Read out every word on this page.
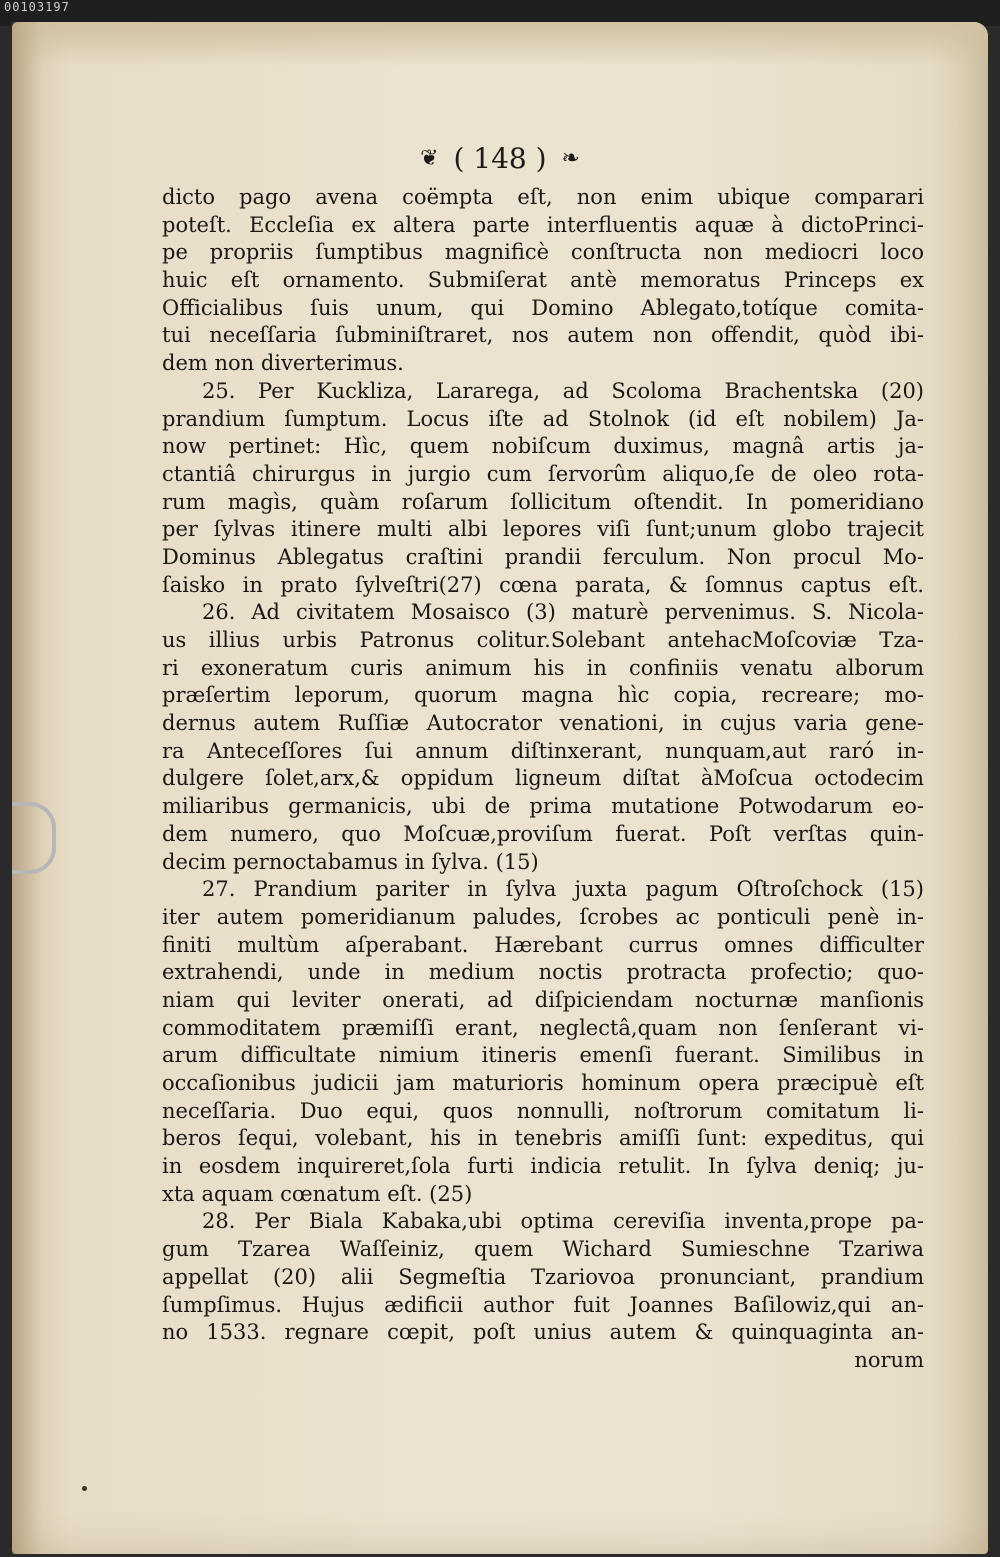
00103197
❦ ( 148 ) ❧
dicto pago avena coëmpta eſt, non enim ubique comparari
poteſt. Eccleſia ex altera parte interfluentis aquæ à dictoPrinci-
pe propriis ſumptibus magnificè conſtructa non mediocri loco
huic eſt ornamento. Submiſerat antè memoratus Princeps ex
Officialibus ſuis unum, qui Domino Ablegato,totíque comita-
tui neceſſaria ſubminiſtraret, nos autem non offendit, quòd ibi-
dem non diverterimus.
25. Per Kuckliza, Lararega, ad Scoloma Brachentska (20)
prandium ſumptum. Locus iſte ad Stolnok (id eſt nobilem) Ja-
now pertinet: Hìc, quem nobiſcum duximus, magnâ artis ja-
ctantiâ chirurgus in jurgio cum ſervorûm aliquo,ſe de oleo rota-
rum magìs, quàm roſarum ſollicitum oſtendit. In pomeridiano
per ſylvas itinere multi albi lepores viſi ſunt;unum globo trajecit
Dominus Ablegatus craſtini prandii ferculum. Non procul Mo-
ſaisko in prato ſylveſtri(27) cœna parata, & ſomnus captus eſt.
26. Ad civitatem Mosaisco (3) maturè pervenimus. S. Nicola-
us illius urbis Patronus colitur.Solebant antehacMoſcoviæ Tza-
ri exoneratum curis animum his in confiniis venatu alborum
præſertim leporum, quorum magna hìc copia, recreare; mo-
dernus autem Ruſſiæ Autocrator venationi, in cujus varia gene-
ra Anteceſſores ſui annum diſtinxerant, nunquam,aut raró in-
dulgere ſolet,arx,& oppidum ligneum diſtat àMoſcua octodecim
miliaribus germanicis, ubi de prima mutatione Potwodarum eo-
dem numero, quo Moſcuæ,proviſum fuerat. Poſt verſtas quin-
decim pernoctabamus in ſylva. (15)
27. Prandium pariter in ſylva juxta pagum Oſtroſchock (15)
iter autem pomeridianum paludes, ſcrobes ac ponticuli penè in-
finiti multùm aſperabant. Hærebant currus omnes difficulter
extrahendi, unde in medium noctis protracta profectio; quo-
niam qui leviter onerati, ad diſpiciendam nocturnæ manſionis
commoditatem præmiſſi erant, neglectâ,quam non ſenſerant vi-
arum difficultate nimium itineris emenſi fuerant. Similibus in
occaſionibus judicii jam maturioris hominum opera præcipuè eſt
neceſſaria. Duo equi, quos nonnulli, noſtrorum comitatum li-
beros ſequi, volebant, his in tenebris amiſſi ſunt: expeditus, qui
in eosdem inquireret,ſola furti indicia retulit. In ſylva deniq; ju-
xta aquam cœnatum eſt. (25)
28. Per Biala Kabaka,ubi optima cereviſia inventa,prope pa-
gum Tzarea Waſſeiniz, quem Wichard Sumieschne Tzariwa
appellat (20) alii Segmeſtia Tzariovoa pronunciant, prandium
ſumpſimus. Hujus ædificii author fuit Joannes Baſilowiz,qui an-
no 1533. regnare cœpit, poſt unius autem & quinquaginta an-
norum
